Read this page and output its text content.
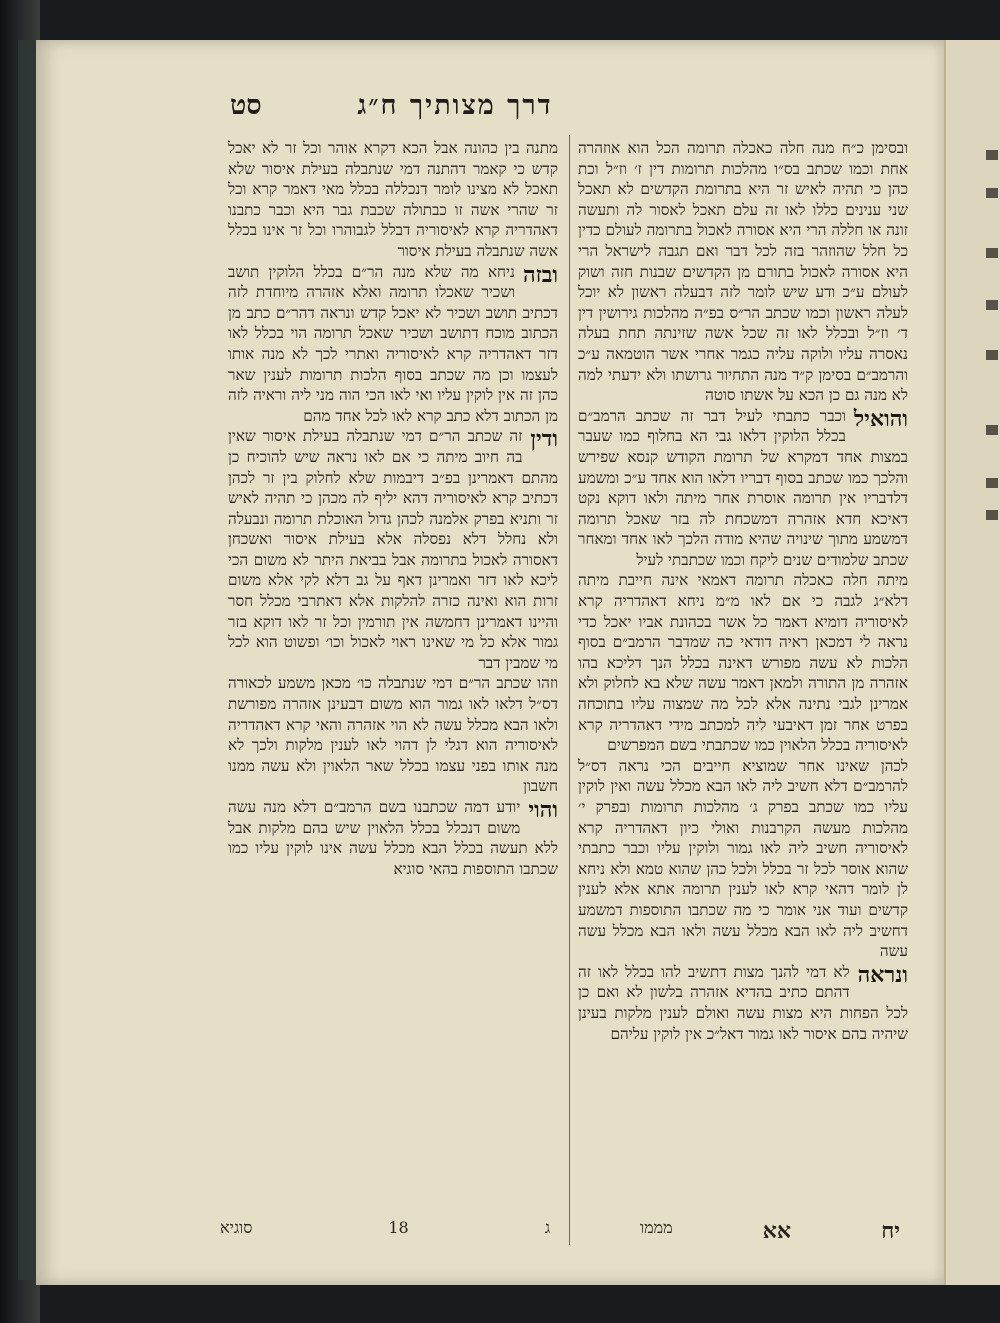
דרך מצותיך ח״ג
סט

ובסימן כ״ח מנה חלה כאכלה תרומה הכל הוא אוזהרה אחת וכמו שכתב בס״ו מהלכות תרומות דין ז׳ וז״ל וכת כהן כי תהיה לאיש זר היא בתרומת הקדשים לא תאכל שני ענינים כללו לאו זה עלם תאכל לאסור לה ותעשה זונה או חללה הרי היא אסורה לאכול בתרומה לעולם כדין כל חלל שהוזהר בזה לכל דבר ואם תגבה לישראל הרי היא אסורה לאכול בתורם מן הקדשים שבנות חזה ושוק לעולם ע״כ ודע שיש לומר לזה דבעלה ראשון לא יוכל לעלה ראשון וכמו שכתב הר״ס בפ״ה מהלכות גירושין דין ד׳ וז״ל ובכלל לאו זה שכל אשה שזינתה תחת בעלה נאסרה עליו ולוקה עליה כגמר אחרי אשר הוטמאה ע״כ והרמב״ם בסימן ק״ד מנה התחיור גרושתו ולא ידעתי למה לא מנה גם כן הכא על אשתו סוטה

והואיל
וכבר כתבתי לעיל דבר זה שכתב הרמב״ם בכלל הלוקין דלאו גבי הא בחלוף כמו שעבר במצות אחד דמקרא של תרומת הקודש קנסא שפירש והלכך כמו שכתב בסוף דבריו דלאו הוא אחד ע״כ ומשמע דלדבריו אין תרומה אוסרת אחר מיתה ולאו דוקא נקט דאיכא חדא אזהרה דמשכחת לה בזר שאכל תרומה דמשמע מתוך שינויה שהיא מודה הלכך לאו אחד ומאחר שכתב שלמודים שנים ליקח וכמו שכתבתי לעיל

מיתה חלה כאכלה תרומה דאמאי אינה חייבת מיתה דלא״ג לגבה כי אם לאו מ״מ ניחא דאהדריה קרא לאיסוריה דומיא דאמר כל אשר בכהונת אביו יאכל כדי נראה לי דמכאן ראיה דודאי כה שמדבר הרמב״ם בסוף הלכות לא עשה מפורש דאינה בכלל הנך דליכא בהו אזהרה מן התורה ולמאן דאמר עשה שלא בא לחלוק ולא אמרינן לגבי נתינה אלא לכל מה שמצוה עליו בתוכחה בפרט אחר זמן דאיבעי ליה למכתב מידי דאהדריה קרא לאיסוריה בכלל הלאוין כמו שכתבתי בשם המפרשים

לכהן שאינו אחר שמוציא חייבים הכי נראה דס״ל להרמב״ם דלא חשיב ליה לאו הבא מכלל עשה ואין לוקין עליו כמו שכתב בפרק ג׳ מהלכות תרומות ובפרק י׳ מהלכות מעשה הקרבנות ואולי כיון דאהדריה קרא לאיסוריה חשיב ליה לאו גמור ולוקין עליו וכבר כתבתי שהוא אוסר לכל זר בכלל ולכל כהן שהוא טמא ולא ניחא לן לומר דהאי קרא לאו לענין תרומה אתא אלא לענין קדשים ועוד אני אומר כי מה שכתבו התוספות דמשמע דחשיב ליה לאו הבא מכלל עשה ולאו הבא מכלל עשה עשה

ונראה
לא דמי להנך מצות דתשיב להו בכלל לאו זה דהתם כתיב בהדיא אזהרה בלשון לא ואם כן לכל הפחות היא מצות עשה ואולם לענין מלקות בעינן שיהיה בהם איסור לאו גמור דאל״כ אין לוקין עליהם

מתנה בין כהונה אבל הכא דקרא אוהר וכל זר לא יאכל קדש כי קאמר דהתנה דמי שנתבלה בעילת איסור שלא תאכל לא מצינו לומר דנכללה בכלל מאי דאמר קרא וכל זר שהרי אשה זו כבתולה שכבת גבר היא וכבר כתבנו דאהדריה קרא לאיסוריה דבלל לגבוהרו וכל זר אינו בכלל אשה שנתבלה בעילת איסור

ובזה
ניחא מה שלא מנה הר״ם בכלל הלוקין תושב ושכיר שאכלו תרומה ואלא אזהרה מיוחדת לזה דכתיב תושב ושכיר לא יאכל קדש ונראה דהר״ם כתב מן הכתוב מוכח דתושב ושכיר שאכל תרומה הוי בכלל לאו דזר דאהדריה קרא לאיסוריה ואתרי לכך לא מנה אותו לעצמו וכן מה שכתב בסוף הלכות תרומות לענין שאר כהן זה אין לוקין עליו ואי לאו הכי הוה מני ליה וראיה לזה מן הכתוב דלא כתב קרא לאו לכל אחד מהם

ודין
זה שכתב הר״ם דמי שנתבלה בעילת איסור שאין בה חיוב מיתה כי אם לאו נראה שיש להוכיח כן מהתם דאמרינן בפ״ב דיבמות שלא לחלוק בין זר לכהן דכתיב קרא לאיסוריה דהא יליף לה מכהן כי תהיה לאיש זר ותניא בפרק אלמנה לכהן גדול האוכלת תרומה ונבעלה ולא נחלל דלא נפסלה אלא בעילת איסור ואשכחן דאסורה לאכול בתרומה אבל בביאת היתר לא משום הכי ליכא לאו דזר ואמרינן דאף על גב דלא לקי אלא משום זרות הוא ואינה כזרה להלקות אלא דאתרבי מכלל חסר והיינו דאמרינן דחמשה אין תורמין וכל זר לאו דוקא בזר גמור אלא כל מי שאינו ראוי לאכול וכו׳ ופשוט הוא לכל מי שמבין דבר

וזהו שכתב הר״ם דמי שנתבלה כו׳ מכאן משמע לכאורה דס״ל דלאו לאו גמור הוא משום דבעינן אזהרה מפורשת ולאו הבא מכלל עשה לא הוי אזהרה והאי קרא דאהדריה לאיסוריה הוא דגלי לן דהוי לאו לענין מלקות ולכך לא מנה אותו בפני עצמו בכלל שאר הלאוין ולא עשה ממנו חשבון

והוי
יודע דמה שכתבנו בשם הרמב״ם דלא מנה עשה משום דנכלל בכלל הלאוין שיש בהם מלקות אבל ללא תעשה בכלל הבא מכלל עשה אינו לוקין עליו כמו שכתבו התוספות בהאי סוגיא

יח
אא
מממו
ג
18
סוגיא
